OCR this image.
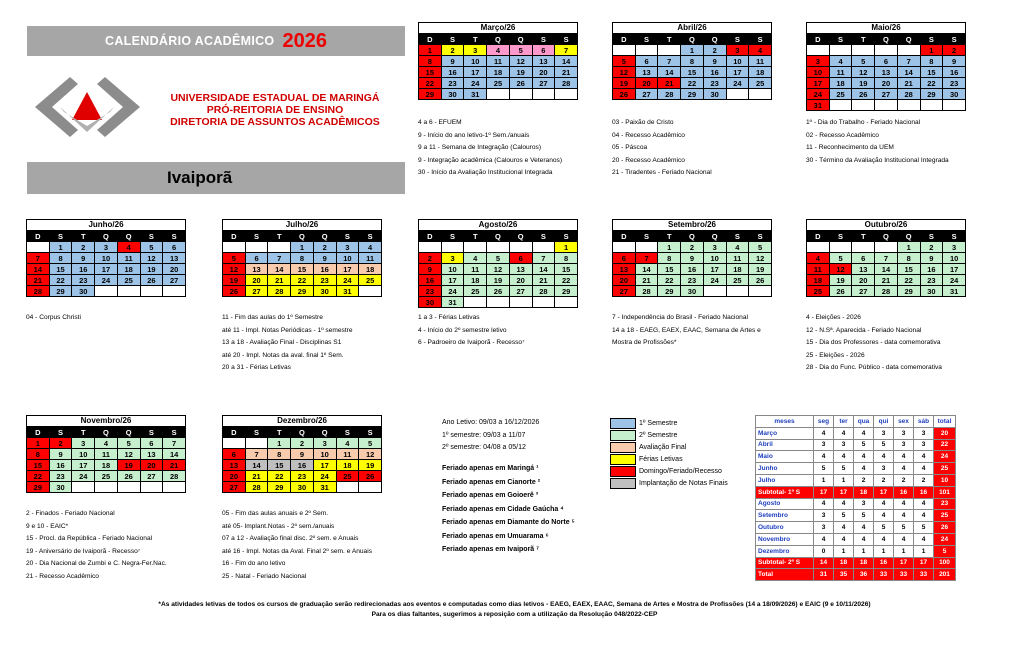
CALENDÁRIO ACADÊMICO 2026
UNIVERSIDADE ESTADUAL DE MARINGÁ
PRÓ-REITORIA DE ENSINO
DIRETORIA DE ASSUNTOS ACADÊMICOS
Ivaiporã
Março/26
D	S	T	Q	Q	S	S
1	2	3	4	5	6	7
8	9	10	11	12	13	14
15	16	17	18	19	20	21
22	23	24	25	26	27	28
29	30	31				
Abril/26
D	S	T	Q	Q	S	S
			1	2	3	4
5	6	7	8	9	10	11
12	13	14	15	16	17	18
19	20	21	22	23	24	25
26	27	28	29	30		
Maio/26
D	S	T	Q	Q	S	S
					1	2
3	4	5	6	7	8	9
10	11	12	13	14	15	16
17	18	19	20	21	22	23
24	25	26	27	28	29	30
31						
Junho/26
D	S	T	Q	Q	S	S
	1	2	3	4	5	6
7	8	9	10	11	12	13
14	15	16	17	18	19	20
21	22	23	24	25	26	27
28	29	30				
Julho/26
D	S	T	Q	Q	S	S
			1	2	3	4
5	6	7	8	9	10	11
12	13	14	15	16	17	18
19	20	21	22	23	24	25
26	27	28	29	30	31	
Agosto/26
D	S	T	Q	Q	S	S
						1
2	3	4	5	6	7	8
9	10	11	12	13	14	15
16	17	18	19	20	21	22
23	24	25	26	27	28	29
30	31					
Setembro/26
D	S	T	Q	Q	S	S
		1	2	3	4	5
6	7	8	9	10	11	12
13	14	15	16	17	18	19
20	21	22	23	24	25	26
27	28	29	30			
Outubro/26
D	S	T	Q	Q	S	S
				1	2	3
4	5	6	7	8	9	10
11	12	13	14	15	16	17
18	19	20	21	22	23	24
25	26	27	28	29	30	31
Novembro/26
D	S	T	Q	Q	S	S
1	2	3	4	5	6	7
8	9	10	11	12	13	14
15	16	17	18	19	20	21
22	23	24	25	26	27	28
29	30					
Dezembro/26
D	S	T	Q	Q	S	S
		1	2	3	4	5
6	7	8	9	10	11	12
13	14	15	16	17	18	19
20	21	22	23	24	25	26
27	28	29	30	31		
4 a 6 - EFUEM
9 - Início do ano letivo-1º Sem./anuais
9 a 11 - Semana de Integração (Calouros)
9 - Integração acadêmica (Calouros e Veteranos)
30 - Início da Avaliação Institucional Integrada
03 - Paixão de Cristo
04 - Recesso Acadêmico
05 - Páscoa
20 - Recesso Acadêmico
21 - Tiradentes - Feriado Nacional
1º - Dia do Trabalho - Feriado Nacional
02 - Recesso Acadêmico
11 - Reconhecimento da UEM
30 - Término da Avaliação Institucional Integrada
04 - Corpus Christi	11 - Fim das aulas do 1º Semestre
até 11 - Impl. Notas Periódicas - 1º semestre
13 a 18 - Avaliação Final - Disciplinas S1
até 20 - Impl. Notas da aval. final 1º Sem.
20 a 31 - Férias Letivas
1 a 3 - Férias Letivas
4 - Início do 2º semestre letivo
6 - Padroeiro de Ivaiporã - Recesso⁷
7 - Independência do Brasil - Feriado Nacional
14 a 18 - EAEG, EAEX, EAAC, Semana de Artes e
Mostra de Profissões*
4 - Eleições - 2026
12 - N.Sª. Aparecida - Feriado Nacional
15 - Dia dos Professores - data comemorativa
25 - Eleições - 2026
28 - Dia do Func. Público - data comemorativa
2 - Finados - Feriado Nacional
9 e 10 - EAIC*
15 - Procl. da República - Feriado Nacional
19 - Aniversário de Ivaiporã - Recesso⁷
20 - Dia Nacional de Zumbi e C. Negra-Fer.Nac.
21 - Recesso Acadêmico
05 - Fim das aulas anuais e 2º Sem.
até 05- Implant.Notas - 2º sem./anuais
07 a 12 - Avaliação final disc. 2º sem. e Anuais
até 16 - Impl. Notas da Aval. Final 2º sem. e Anuais
16 - Fim do ano letivo
25 - Natal - Feriado Nacional
Ano Letivo: 09/03 a 16/12/2026
1º semestre: 09/03 a 11/07
2º semestre: 04/08 a 05/12
Feriado apenas em Maringá ¹
Feriado apenas em Cianorte ²
Feriado apenas em Goioerê ³
Feriado apenas em Cidade Gaúcha ⁴
Feriado apenas em Diamante do Norte ⁵
Feriado apenas em Umuarama ⁶
Feriado apenas em Ivaiporã ⁷
1º Semestre
2º Semestre
Avaliação Final
Férias Letivas
Domingo/Feriado/Recesso
Implantação de Notas Finais
meses	seg	ter	qua	qui	sex	sáb	total
Março	4	4	4	3	3	3	20
Abril	3	3	5	5	3	3	22
Maio	4	4	4	4	4	4	24
Junho	5	5	4	3	4	4	25
Julho	1	1	2	2	2	2	10
Subtotal- 1º S	17	17	18	17	16	16	101
Agosto	4	4	3	4	4	4	23
Setembro	3	5	5	4	4	4	25
Outubro	3	4	4	5	5	5	26
Novembro	4	4	4	4	4	4	24
Dezembro	0	1	1	1	1	1	5
Subtotal- 2º S	14	18	18	16	17	17	100
Total	31	35	36	33	33	33	201
*As atividades letivas de todos os cursos de graduação serão redirecionadas aos eventos e computadas como dias letivos - EAEG, EAEX, EAAC, Semana de Artes e Mostra de Profissões (14 a 18/09/2026) e EAIC (9 e 10/11/2026)
Para os dias faltantes, sugerimos a reposição com a utilização da Resolução 048/2022-CEP
